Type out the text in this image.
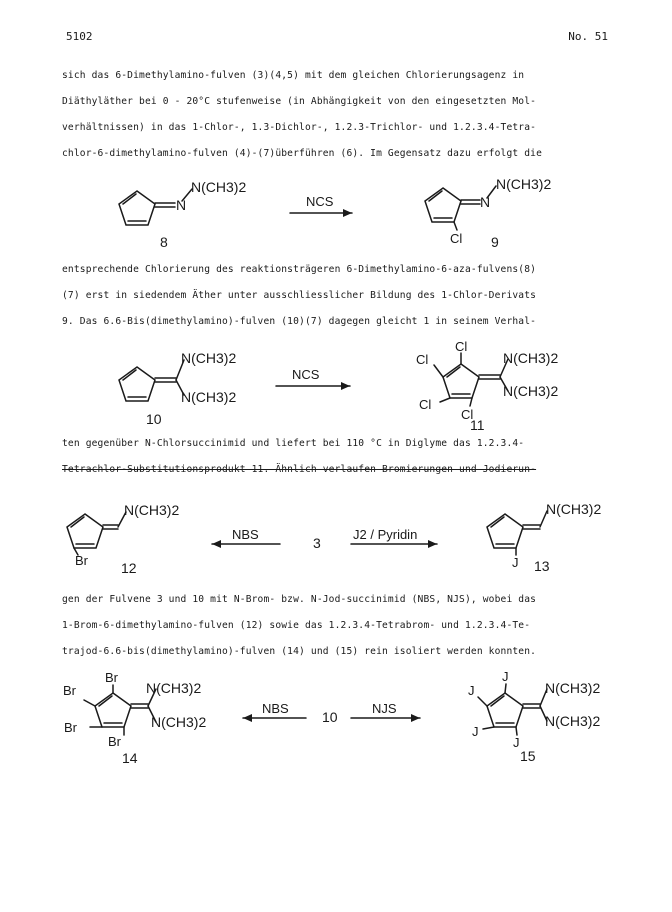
5102	No. 51
sich das 6-Dimethylamino-fulven (3)(4,5) mit dem gleichen Chlorierungsagenz in
Diäthyläther bei 0 - 20°C stufenweise (in Abhängigkeit von den eingesetzten Mol-
verhältnissen) in das 1-Chlor-, 1.3-Dichlor-, 1.2.3-Trichlor- und 1.2.3.4-Tetra-
chlor-6-dimethylamino-fulven (4)-(7)überführen (6). Im Gegensatz dazu erfolgt die
N
N(CH3)2
8
NCS	N
N(CH3)2
Cl 9
entsprechende Chlorierung des reaktionsträgeren 6-Dimethylamino-6-aza-fulvens(8)
(7) erst in siedendem Äther unter ausschliesslicher Bildung des 1-Chlor-Derivats
9. Das 6.6-Bis(dimethylamino)-fulven (10)(7) dagegen gleicht 1 in seinem Verhal-
N(CH3)2
N(CH3)2
10
NCS
Cl
Cl
Cl
Cl
N(CH3)2
N(CH3)2
11
ten gegenüber N-Chlorsuccinimid und liefert bei 110 °C in Diglyme das 1.2.3.4-
Tetrachlor-Substitutionsprodukt 11. Ähnlich verlaufen Bromierungen und Jodierun-
N(CH3)2
Br 12
NBS
3
J2 / Pyridin
N(CH3)2
J 13
gen der Fulvene 3 und 10 mit N-Brom- bzw. N-Jod-succinimid (NBS, NJS), wobei das
1-Brom-6-dimethylamino-fulven (12) sowie das 1.2.3.4-Tetrabrom- und 1.2.3.4-Te-
trajod-6.6-bis(dimethylamino)-fulven (14) und (15) rein isoliert werden konnten.
Br
Br
Br
Br
N(CH3)2
N(CH3)2
14
NBS
10
NJS
J
J
J
J
N(CH3)2
N(CH3)2
15
